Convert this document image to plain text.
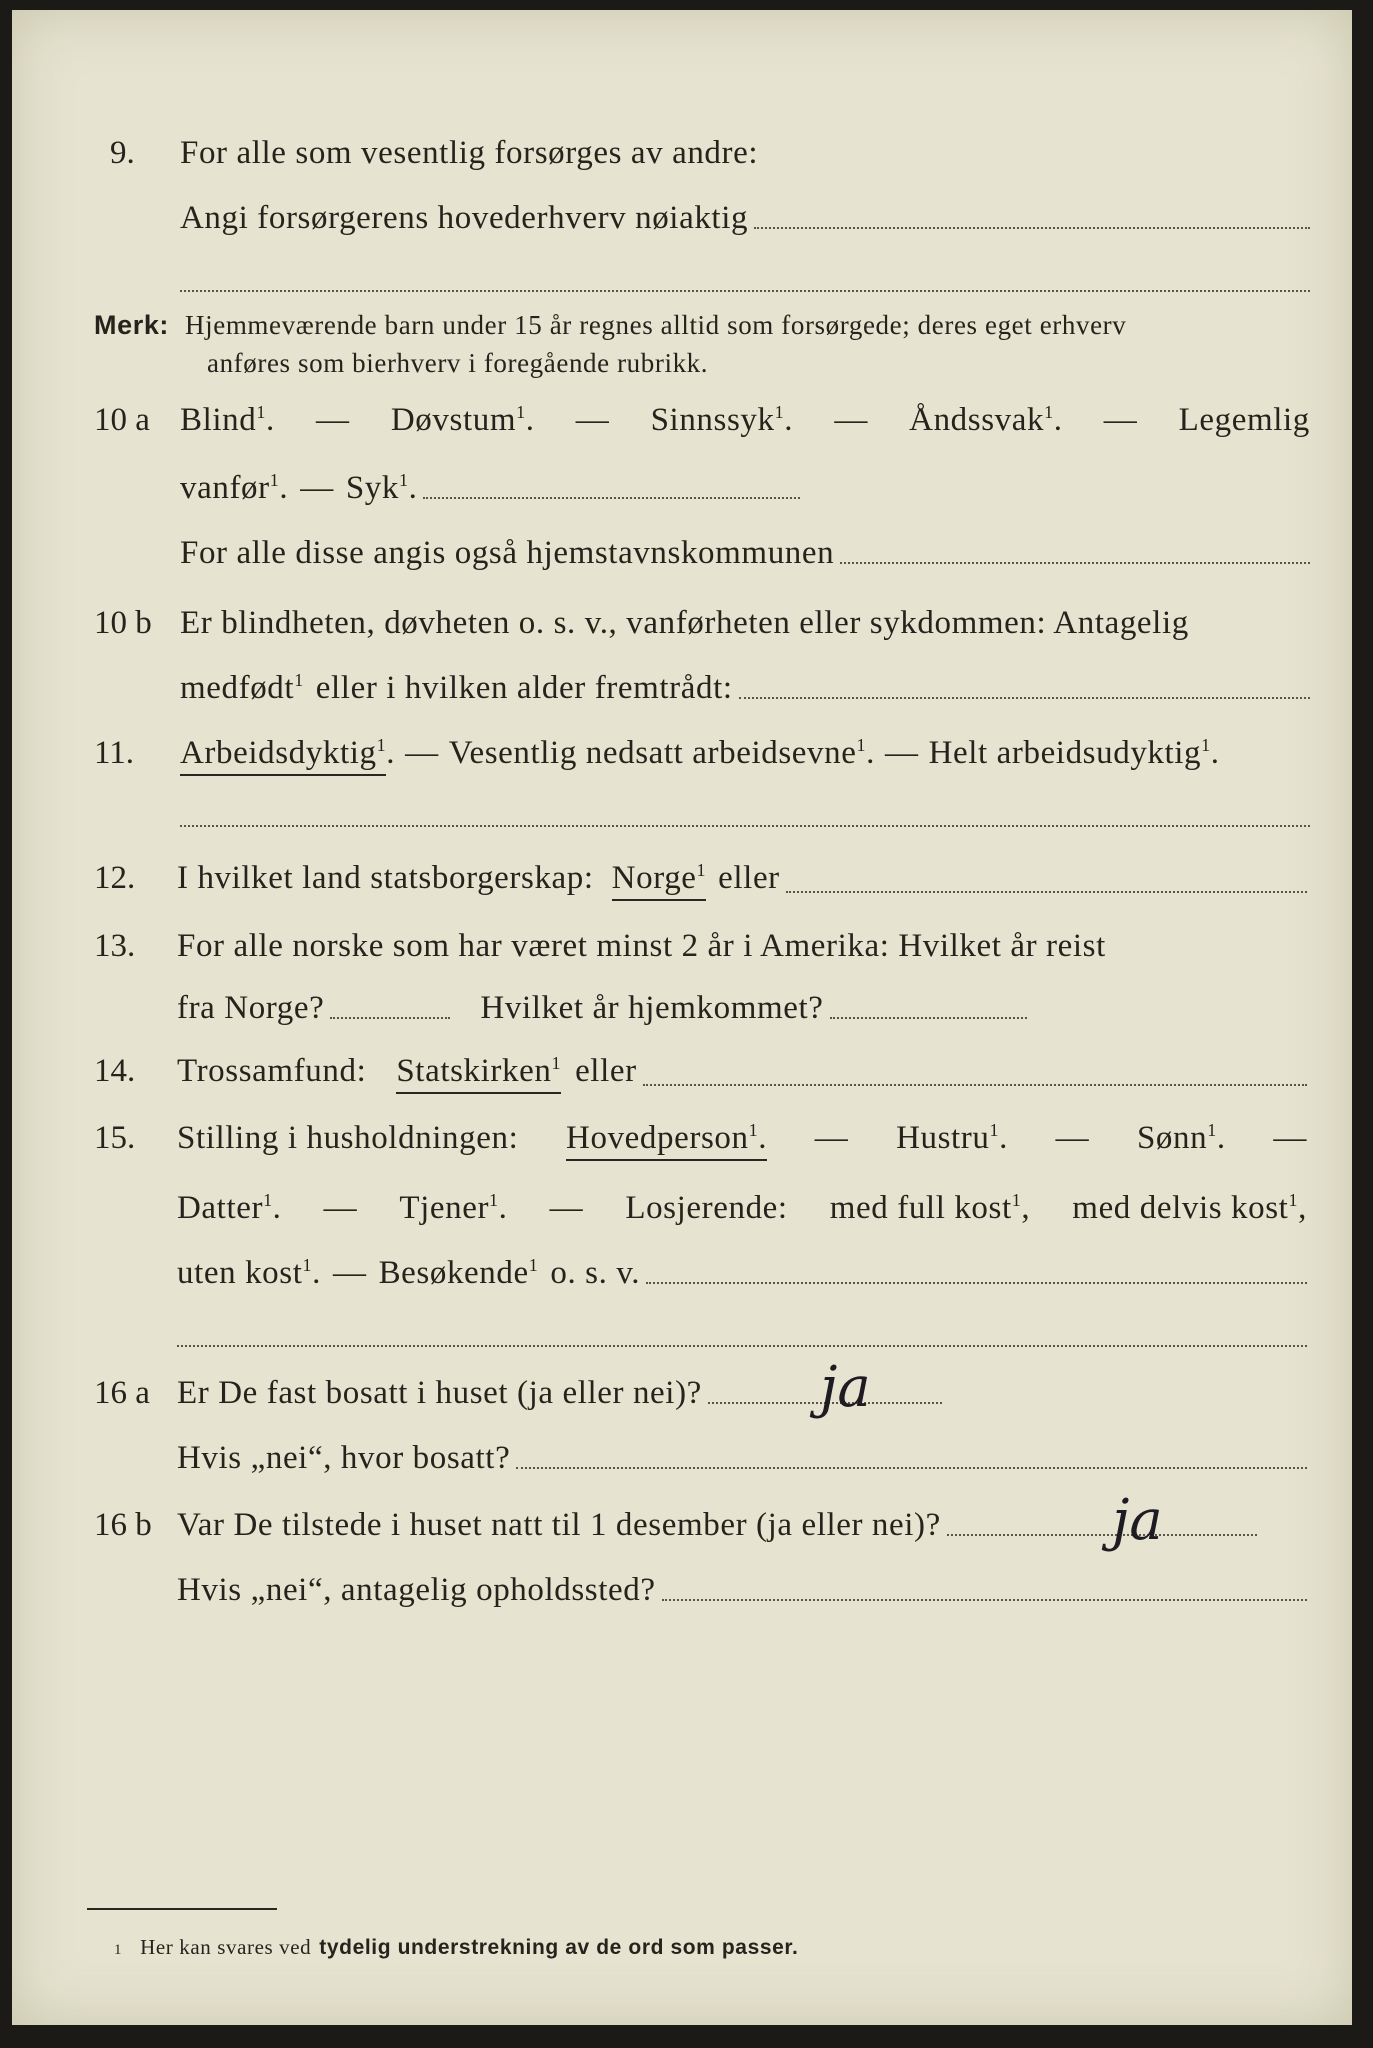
9. For alle som vesentlig forsørges av andre:
Angi forsørgerens hovederhverv nøiaktig
Merk: Hjemmeværende barn under 15 år regnes alltid som forsørgede; deres eget erhverv
anføres som bierhverv i foregående rubrikk.
10 a Blind$^1$. — Døvstum$^1$. — Sinnssyk$^1$. — Åndssvak$^1$. — Legemlig
vanfør$^1$. — Syk$^1$.
For alle disse angis også hjemstavnskommunen
10 b Er blindheten, døvheten o. s. v., vanførheten eller sykdommen: Antagelig
medfødt$^1$ eller i hvilken alder fremtrådt:
11. Arbeidsdyktig$^1$ . — Vesentlig nedsatt arbeidsevne$^1$. — Helt arbeidsudyktig$^1$.
12. I hvilket land statsborgerskap: Norge$^1$ eller
13. For alle norske som har været minst 2 år i Amerika: Hvilket år reist
fra Norge?	Hvilket år hjemkommet?
14. Trossamfund: Statskirken$^1$ eller
15. Stilling i husholdningen: Hovedperson$^1$. — Hustru$^1$. — Sønn$^1$. —
Datter$^1$. — Tjener$^1$. — Losjerende: med full kost$^1$, med delvis kost$^1$,
uten kost$^1$. — Besøkende$^1$ o. s. v.
16 a Er De fast bosatt i huset (ja eller nei)? ja
Hvis „nei“, hvor bosatt?
16 b Var De tilstede i huset natt til 1 desember (ja eller nei)?	ja
Hvis „nei“, antagelig opholdssted?
1 Her kan svares ved tydelig understrekning av de ord som passer.
